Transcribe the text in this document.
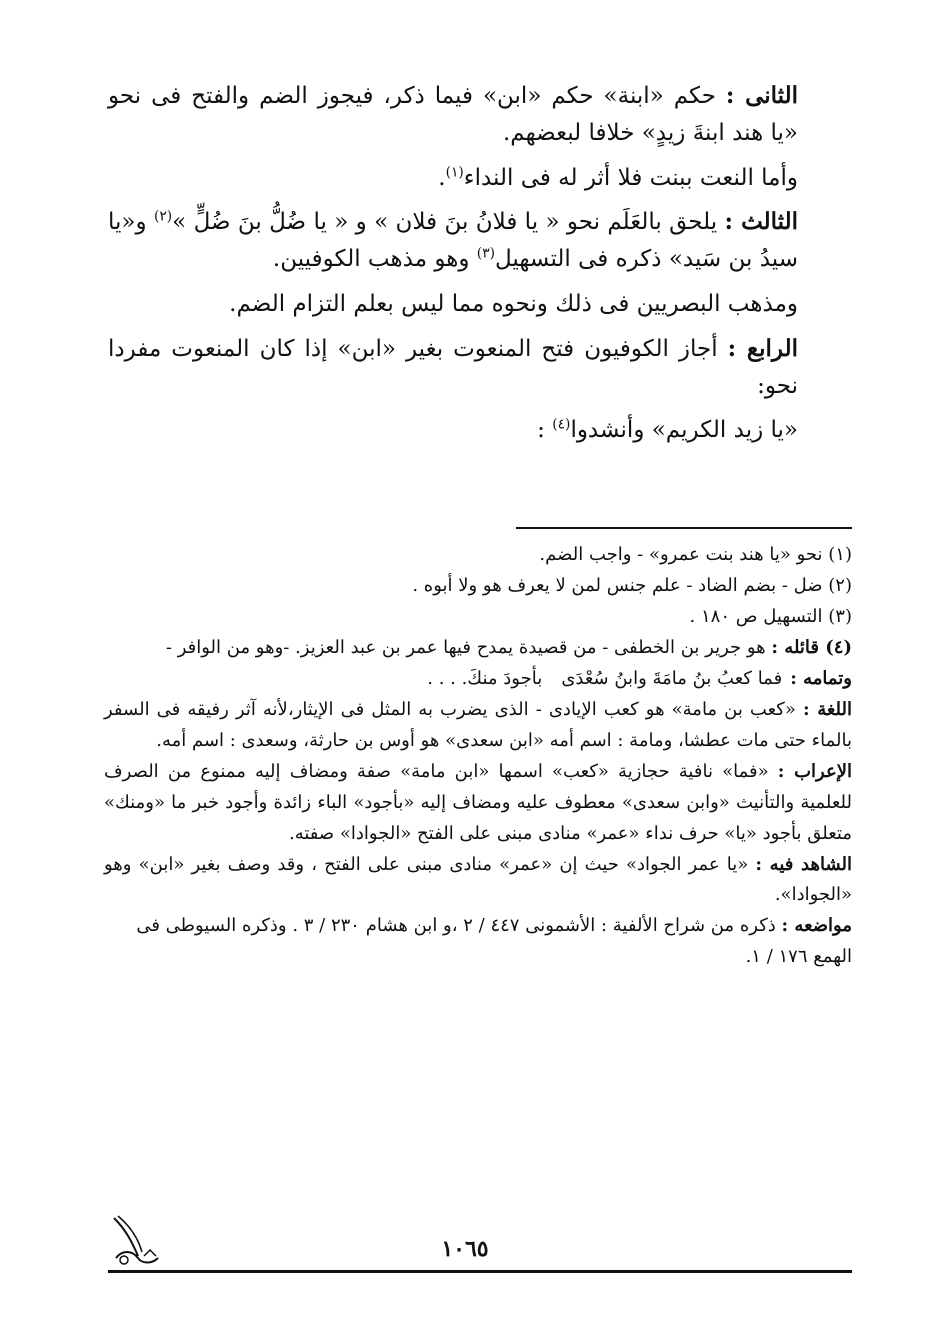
الثانى : حكم «ابنة» حكم «ابن» فيما ذكر، فيجوز الضم والفتح فى نحو «يا هند ابنةَ زيدٍ» خلافا لبعضهم.

وأما النعت ببنت فلا أثر له فى النداء$^{(١)}$.

الثالث : يلحق بالعَلَم نحو « يا فلانُ بنَ فلان » و « يا ضُلُّ بنَ ضُلٍّ »$^{(٢)}$ و«يا سيدُ بن سَيد» ذكره فى التسهيل$^{(٣)}$ وهو مذهب الكوفيين.

ومذهب البصريين فى ذلك ونحوه مما ليس بعلم التزام الضم.

الرابع : أجاز الكوفيون فتح المنعوت بغير «ابن» إذا كان المنعوت مفردا نحو:

«يا زيد الكريم» وأنشدوا$^{(٤)}$ :

(١) نحو «يا هند بنت عمرو» - واجب الضم.

(٢) ضل - بضم الضاد - علم جنس لمن لا يعرف هو ولا أبوه .

(٣) التسهيل ص ١٨٠ .

(٤) قائله : هو جرير بن الخطفى - من قصيدة يمدح فيها عمر بن عبد العزيز. -وهو من الوافر -

وتمامه :
فما كعبُ بنُ مامَةَ وابنُ سُعْدَى
بأجودَ منكَ. . . .

اللغة : «كعب بن مامة» هو كعب الإيادى - الذى يضرب به المثل فى الإيثار،لأنه آثر رفيقه فى السفر بالماء حتى مات عطشا، ومامة : اسم أمه «ابن سعدى» هو أوس بن حارثة، وسعدى : اسم أمه.

الإعراب : «فما» نافية حجازية «كعب» اسمها «ابن مامة» صفة ومضاف إليه ممنوع من الصرف للعلمية والتأنيث «وابن سعدى» معطوف عليه ومضاف إليه «بأجود» الباء زائدة وأجود خبر ما «ومنك» متعلق بأجود «يا» حرف نداء «عمر» منادى مبنى على الفتح «الجوادا» صفته.

الشاهد فيه : «يا عمر الجواد» حيث إن «عمر» منادى مبنى على الفتح ، وقد وصف بغير «ابن» وهو «الجوادا».

مواضعه : ذكره من شراح الألفية : الأشمونى ٤٤٧ / ٢ ،و ابن هشام ٢٣٠ / ٣ . وذكره السيوطى فى الهمع ١٧٦ / ١.

١٠٦٥
